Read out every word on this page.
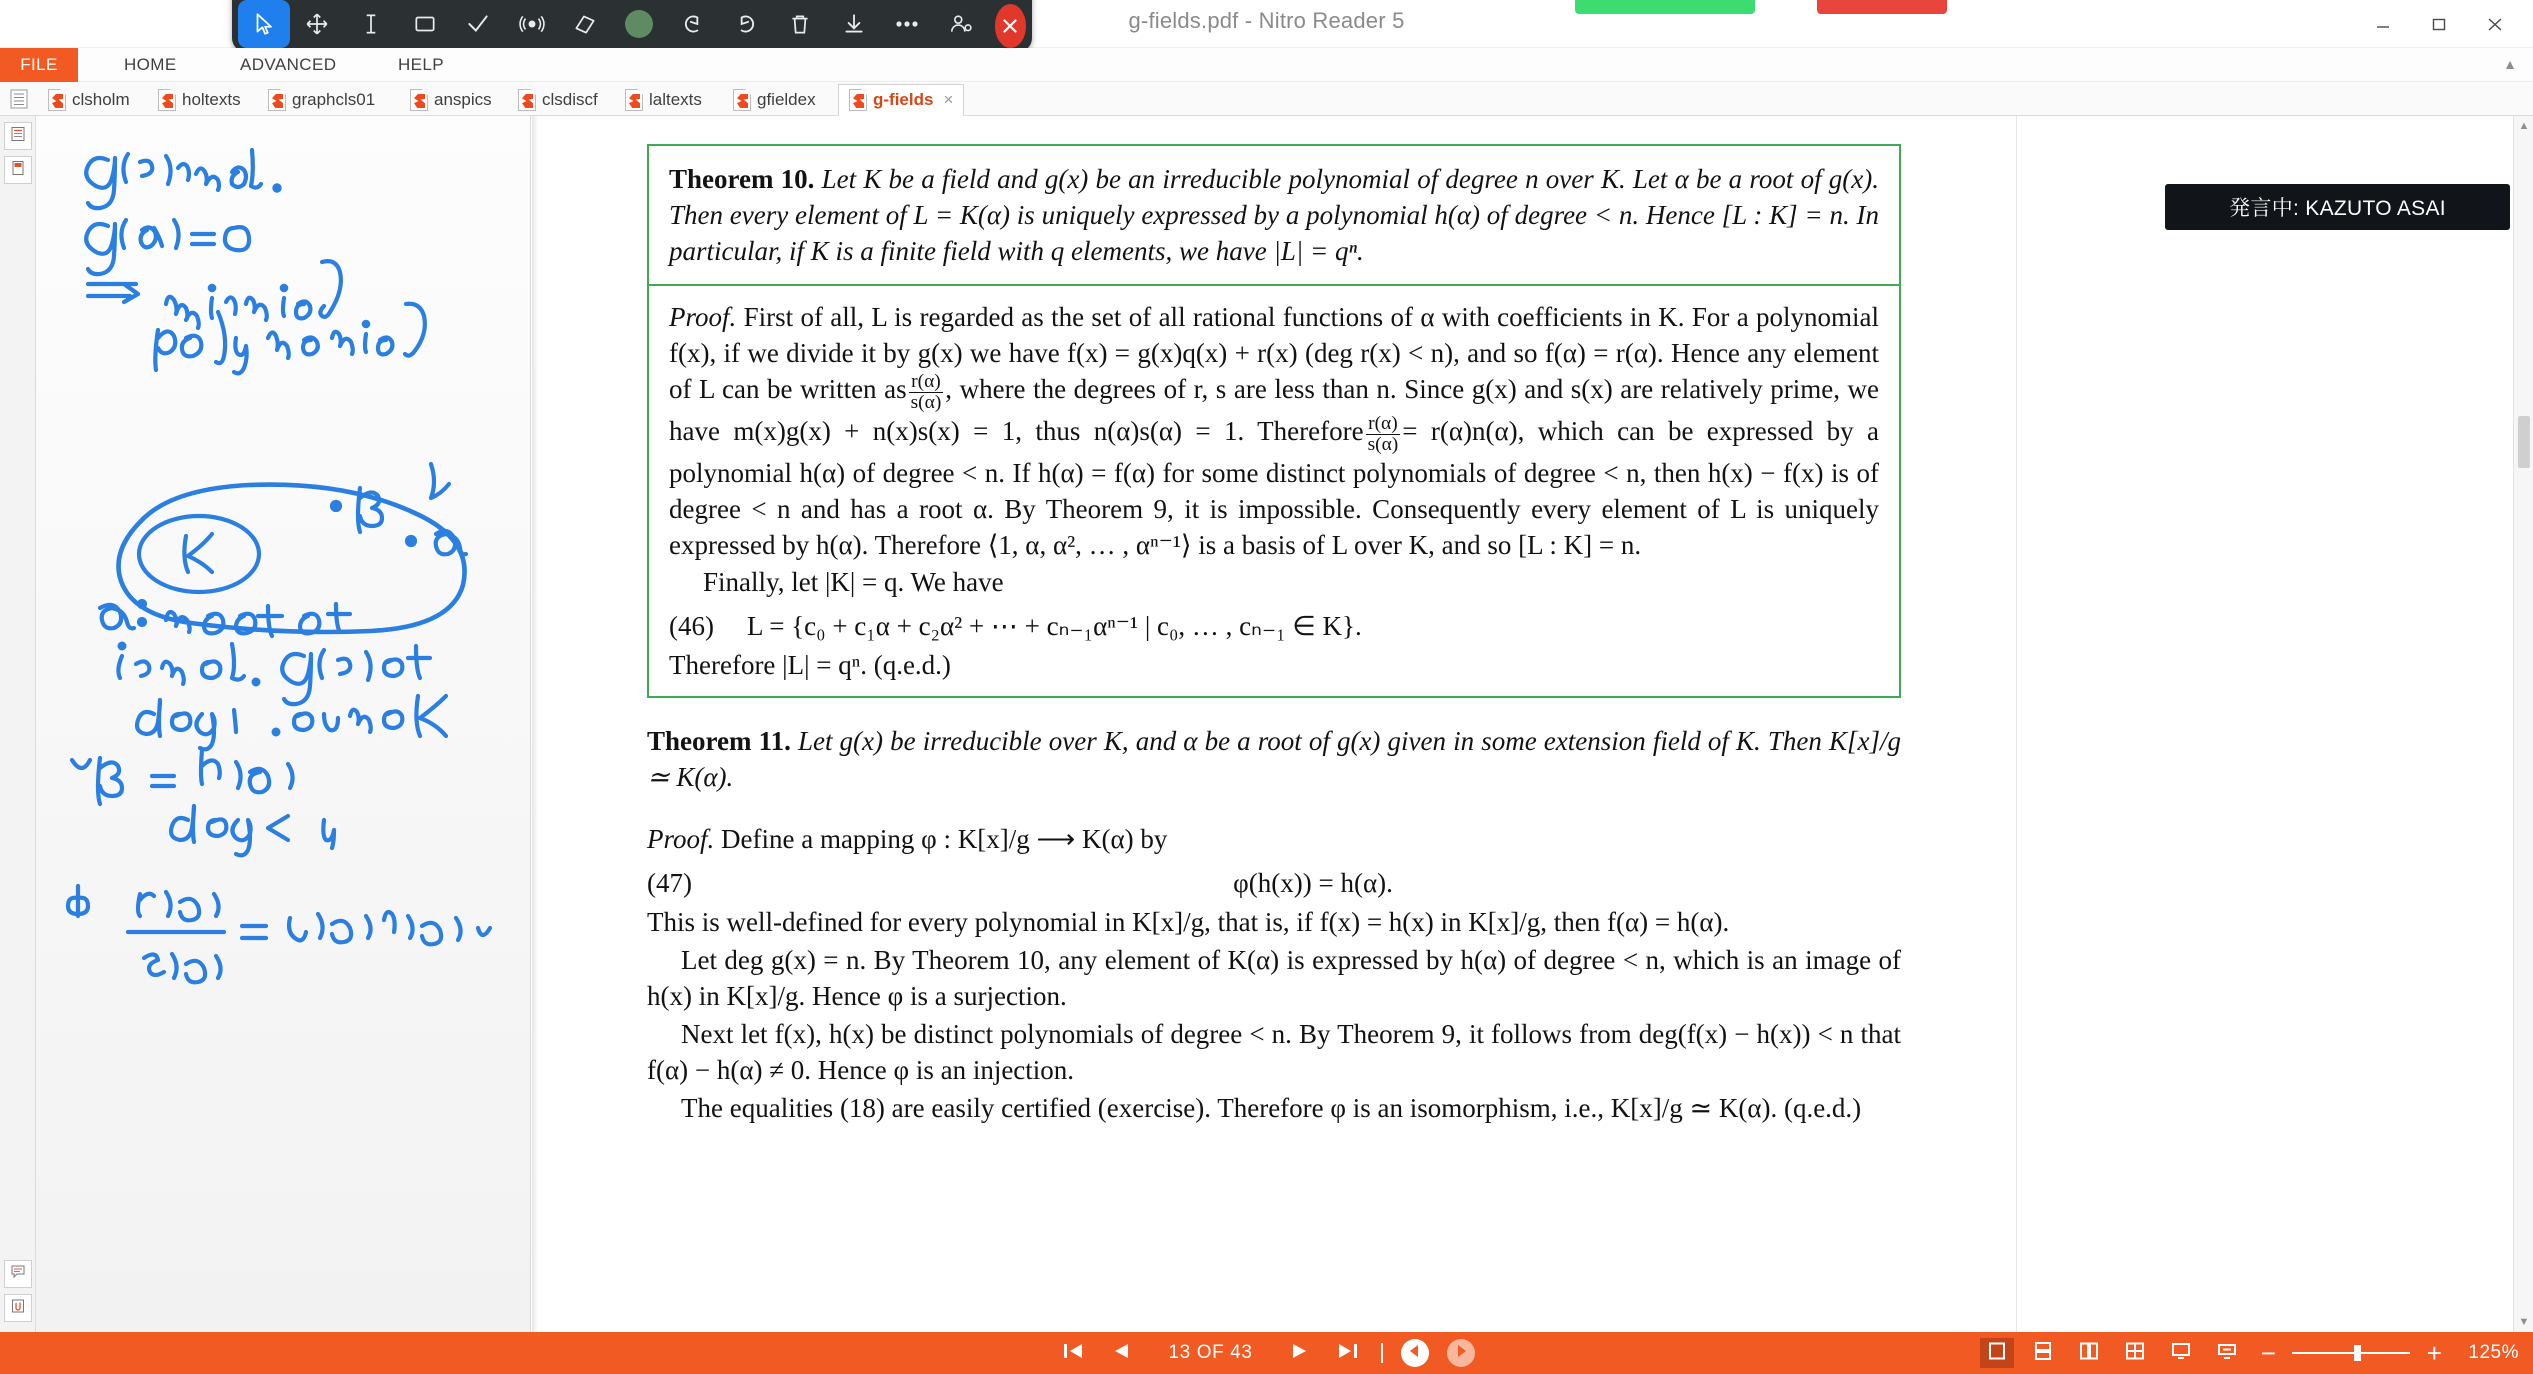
g-fields.pdf - Nitro Reader 5
FILE	HOME	ADVANCED	HELP	▲
clsholm	holtexts	graphcls01	anspics	clsdiscf	laltexts	gfieldex	g-fields ×

Theorem 10. Let K be a field and g(x) be an irreducible polynomial of degree n over K. Let α be a root of g(x). Then every element of L = K(α) is uniquely expressed by a polynomial h(α) of degree < n. Hence [L : K] = n. In particular, if K is a finite field with q elements, we have |L| = qⁿ.

Proof. First of all, L is regarded as the set of all rational functions of α with coefficients in K. For a polynomial f(x), if we divide it by g(x) we have f(x) = g(x)q(x) + r(x) (deg r(x) < n), and so f(α) = r(α). Hence any element of L can be written as $\frac{r(\alpha)}{s(\alpha)}$ , where the degrees of r, s are less than n. Since g(x) and s(x) are relatively prime, we have m(x)g(x) + n(x)s(x) = 1, thus n(α)s(α) = 1. Therefore $\frac{r(\alpha)}{s(\alpha)} = r(\alpha)n(\alpha)$, which can be expressed by a polynomial h(α) of degree < n. If h(α) = f(α) for some distinct polynomials of degree < n, then h(x) − f(x) is of degree < n and has a root α. By Theorem 9, it is impossible. Consequently every element of L is uniquely expressed by h(α). Therefore ⟨1, α, α², … , αⁿ⁻¹⟩ is a basis of L over K, and so [L : K] = n.

Finally, let |K| = q. We have

(46)	L = {c₀ + c₁α + c₂α² + ⋯ + cₙ₋₁αⁿ⁻¹ | c₀, … , cₙ₋₁ ∈ K}.

Therefore |L| = qⁿ. (q.e.d.)

Theorem 11. Let g(x) be irreducible over K, and α be a root of g(x) given in some extension field of K. Then K[x]/g ≃ K(α).

Proof. Define a mapping φ : K[x]/g ⟶ K(α) by

(47)	φ(h(x)) = h(α).

This is well-defined for every polynomial in K[x]/g, that is, if f(x) = h(x) in K[x]/g, then f(α) = h(α).

Let deg g(x) = n. By Theorem 10, any element of K(α) is expressed by h(α) of degree < n, which is an image of h(x) in K[x]/g. Hence φ is a surjection.

Next let f(x), h(x) be distinct polynomials of degree < n. By Theorem 9, it follows from deg(f(x) − h(x)) < n that f(α) − h(α) ≠ 0. Hence φ is an injection.

The equalities (18) are easily certified (exercise). Therefore φ is an isomorphism, i.e., K[x]/g ≃ K(α). (q.e.d.)

▲
▼
発言中: KAZUTO ASAI
13 OF 43	−	+ 125%
